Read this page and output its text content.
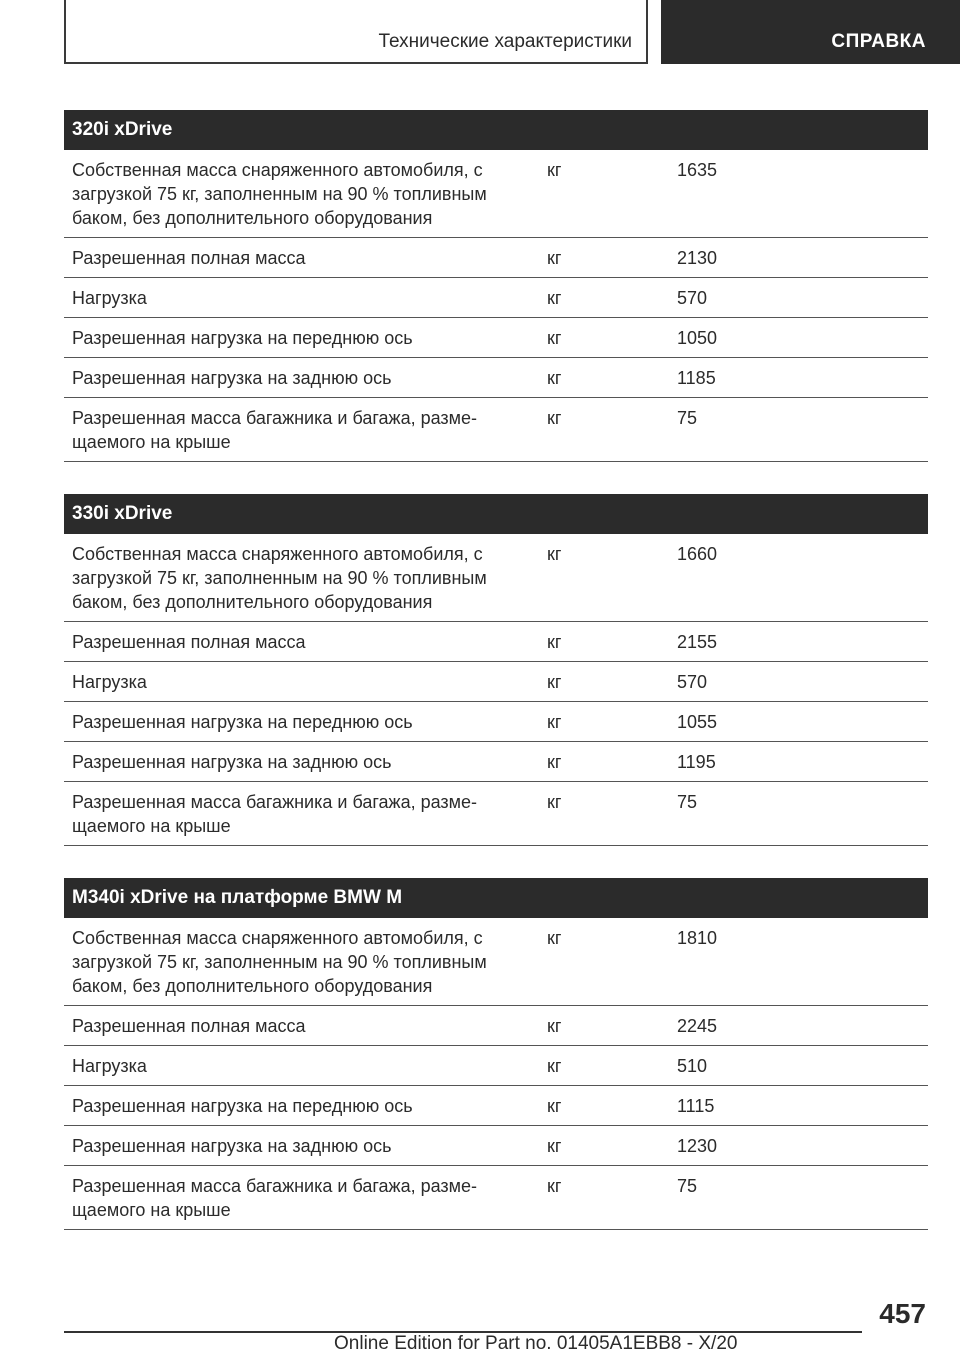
Технические характеристики	СПРАВКА
320i xDrive		
Собственная масса снаряженного автомобиля, с загрузкой 75 кг, заполненным на 90 % топливным баком, без дополнительного оборудования	кг	1635
Разрешенная полная масса	кг	2130
Нагрузка	кг	570
Разрешенная нагрузка на переднюю ось	кг	1050
Разрешенная нагрузка на заднюю ось	кг	1185
Разрешенная масса багажника и багажа, разме-щаемого на крыше	кг	75
330i xDrive		
Собственная масса снаряженного автомобиля, с загрузкой 75 кг, заполненным на 90 % топливным баком, без дополнительного оборудования	кг	1660
Разрешенная полная масса	кг	2155
Нагрузка	кг	570
Разрешенная нагрузка на переднюю ось	кг	1055
Разрешенная нагрузка на заднюю ось	кг	1195
Разрешенная масса багажника и багажа, разме-щаемого на крыше	кг	75
M340i xDrive на платформе BMW M		
Собственная масса снаряженного автомобиля, с загрузкой 75 кг, заполненным на 90 % топливным баком, без дополнительного оборудования	кг	1810
Разрешенная полная масса	кг	2245
Нагрузка	кг	510
Разрешенная нагрузка на переднюю ось	кг	1115
Разрешенная нагрузка на заднюю ось	кг	1230
Разрешенная масса багажника и багажа, разме-щаемого на крыше	кг	75
457
Online Edition for Part no. 01405A1EBB8 - X/20
